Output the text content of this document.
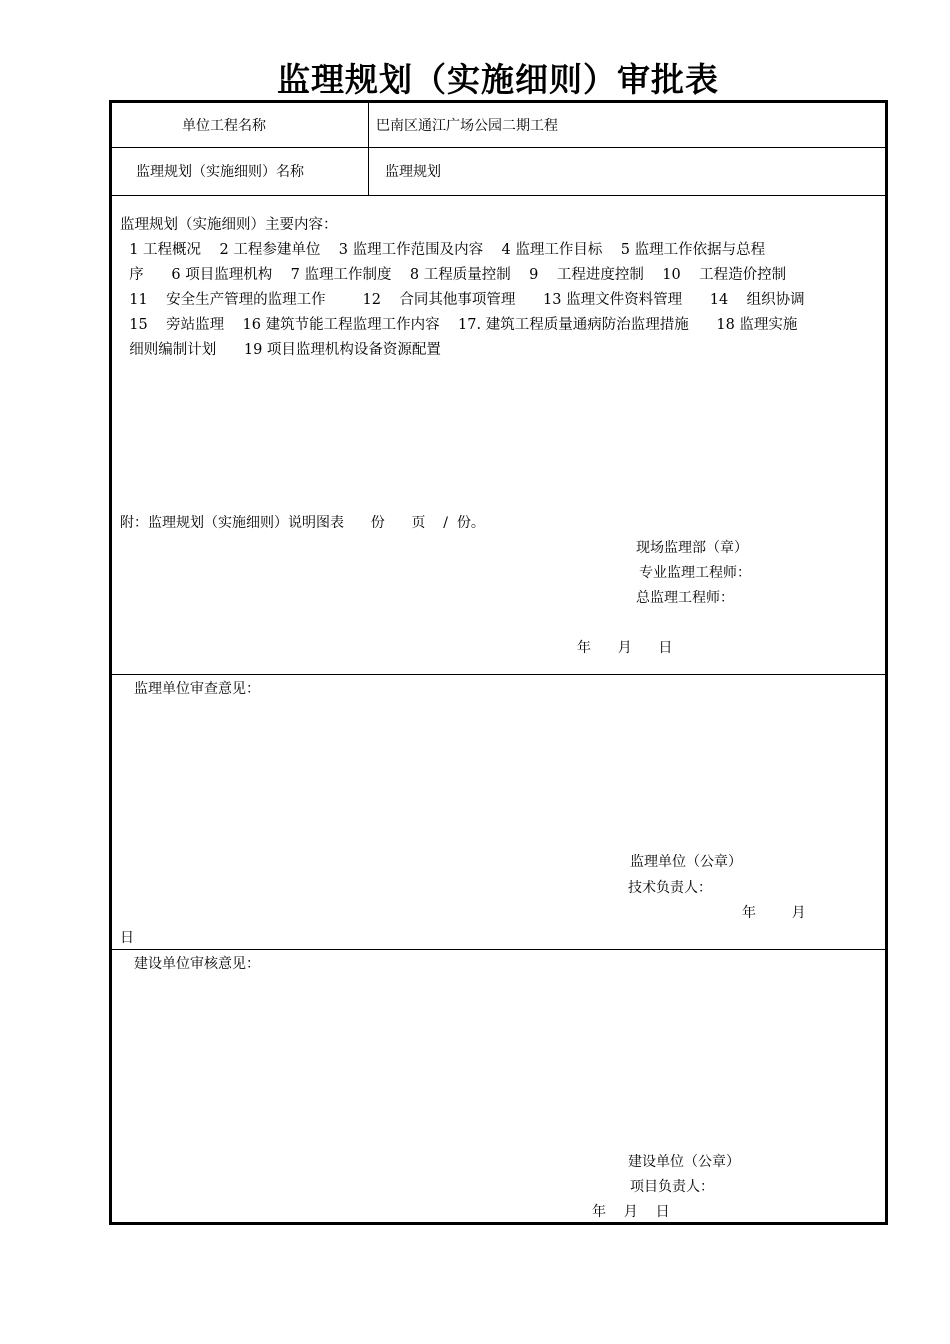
监理规划（实施细则）审批表
单位工程名称	巴南区通江广场公园二期工程
监理规划（实施细则）名称	监理规划
监理规划（实施细则）主要内容：
1 工程概况    2 工程参建单位    3 监理工作范围及内容    4 监理工作目标    5 监理工作依据与总程
序      6 项目监理机构    7 监理工作制度    8 工程质量控制    9    工程进度控制    10    工程造价控制
11    安全生产管理的监理工作        12    合同其他事项管理      13 监理文件资料管理      14    组织协调
15    旁站监理    16 建筑节能工程监理工作内容    17. 建筑工程质量通病防治监理措施      18 监理实施
细则编制计划      19 项目监理机构设备资源配置
附：监理规划（实施细则）说明图表      份      页    /  份。
现场监理部（章）
专业监理工程师：
总监理工程师：
年      月      日
监理单位审查意见：
监理单位（公章）
技术负责人：
年        月
日
建设单位审核意见：
建设单位（公章）
项目负责人：
年    月    日
